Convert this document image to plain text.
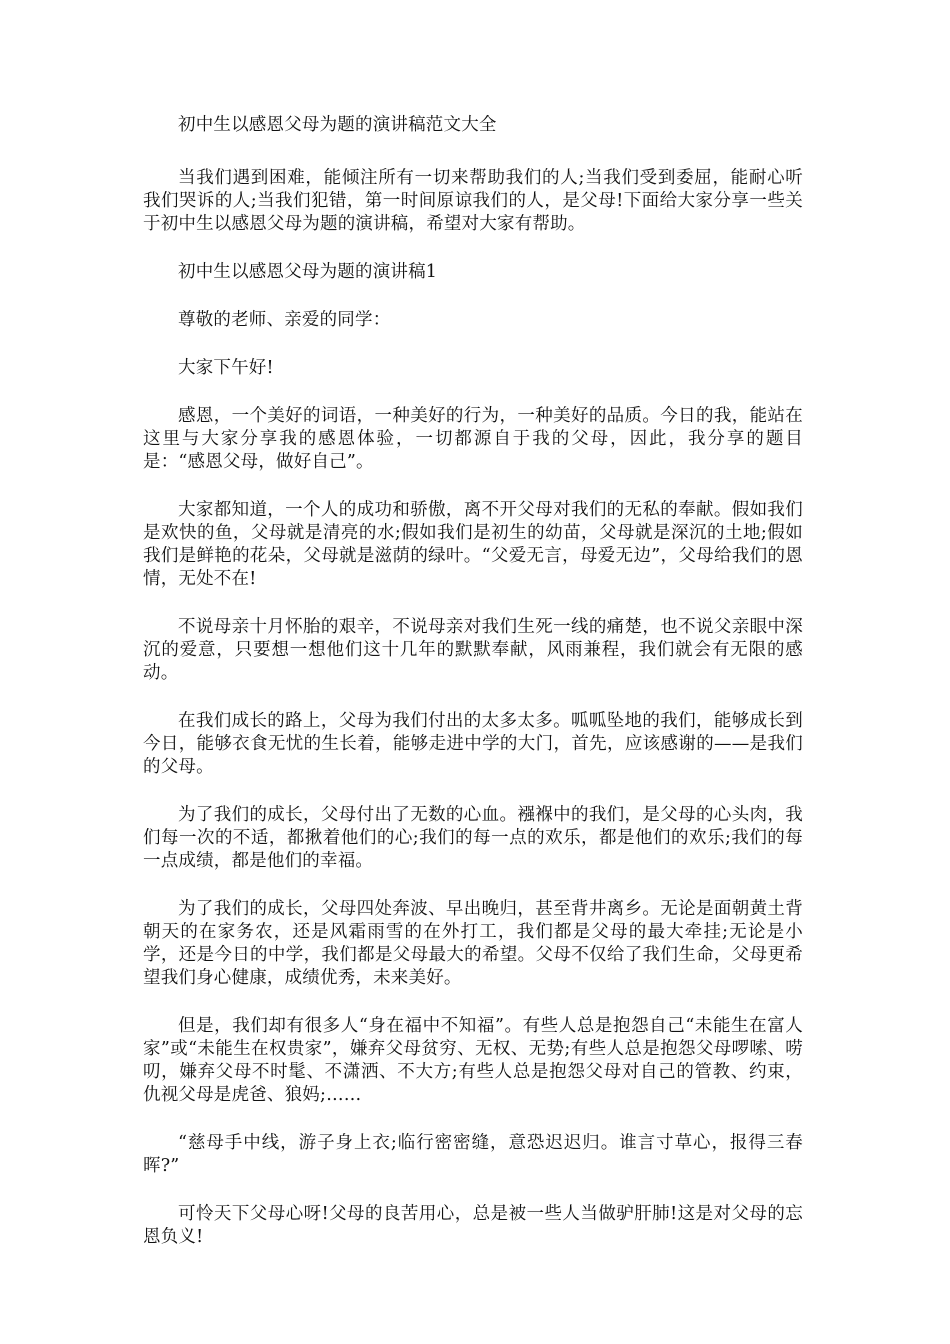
初中生以感恩父母为题的演讲稿范文大全

当我们遇到困难，能倾注所有一切来帮助我们的人;当我们受到委屈，能耐心听我们哭诉的人;当我们犯错，第一时间原谅我们的人，是父母!下面给大家分享一些关于初中生以感恩父母为题的演讲稿，希望对大家有帮助。

初中生以感恩父母为题的演讲稿1

尊敬的老师、亲爱的同学：

大家下午好!

感恩，一个美好的词语，一种美好的行为，一种美好的品质。今日的我，能站在这里与大家分享我的感恩体验，一切都源自于我的父母，因此，我分享的题目是：“感恩父母，做好自己”。

大家都知道，一个人的成功和骄傲，离不开父母对我们的无私的奉献。假如我们是欢快的鱼，父母就是清亮的水;假如我们是初生的幼苗，父母就是深沉的土地;假如我们是鲜艳的花朵，父母就是滋荫的绿叶。“父爱无言，母爱无边”，父母给我们的恩情，无处不在!

不说母亲十月怀胎的艰辛，不说母亲对我们生死一线的痛楚，也不说父亲眼中深沉的爱意，只要想一想他们这十几年的默默奉献，风雨兼程，我们就会有无限的感动。

在我们成长的路上，父母为我们付出的太多太多。呱呱坠地的我们，能够成长到今日，能够衣食无忧的生长着，能够走进中学的大门，首先，应该感谢的——是我们的父母。

为了我们的成长，父母付出了无数的心血。襁褓中的我们，是父母的心头肉，我们每一次的不适，都揪着他们的心;我们的每一点的欢乐，都是他们的欢乐;我们的每一点成绩，都是他们的幸福。

为了我们的成长，父母四处奔波、早出晚归，甚至背井离乡。无论是面朝黄土背朝天的在家务农，还是风霜雨雪的在外打工，我们都是父母的最大牵挂;无论是小学，还是今日的中学，我们都是父母最大的希望。父母不仅给了我们生命，父母更希望我们身心健康，成绩优秀，未来美好。

但是，我们却有很多人“身在福中不知福”。有些人总是抱怨自己“未能生在富人家”或“未能生在权贵家”，嫌弃父母贫穷、无权、无势;有些人总是抱怨父母啰嗦、唠叨，嫌弃父母不时髦、不潇洒、不大方;有些人总是抱怨父母对自己的管教、约束，仇视父母是虎爸、狼妈;……

“慈母手中线，游子身上衣;临行密密缝，意恐迟迟归。谁言寸草心，报得三春晖?”

可怜天下父母心呀!父母的良苦用心，总是被一些人当做驴肝肺!这是对父母的忘恩负义!
